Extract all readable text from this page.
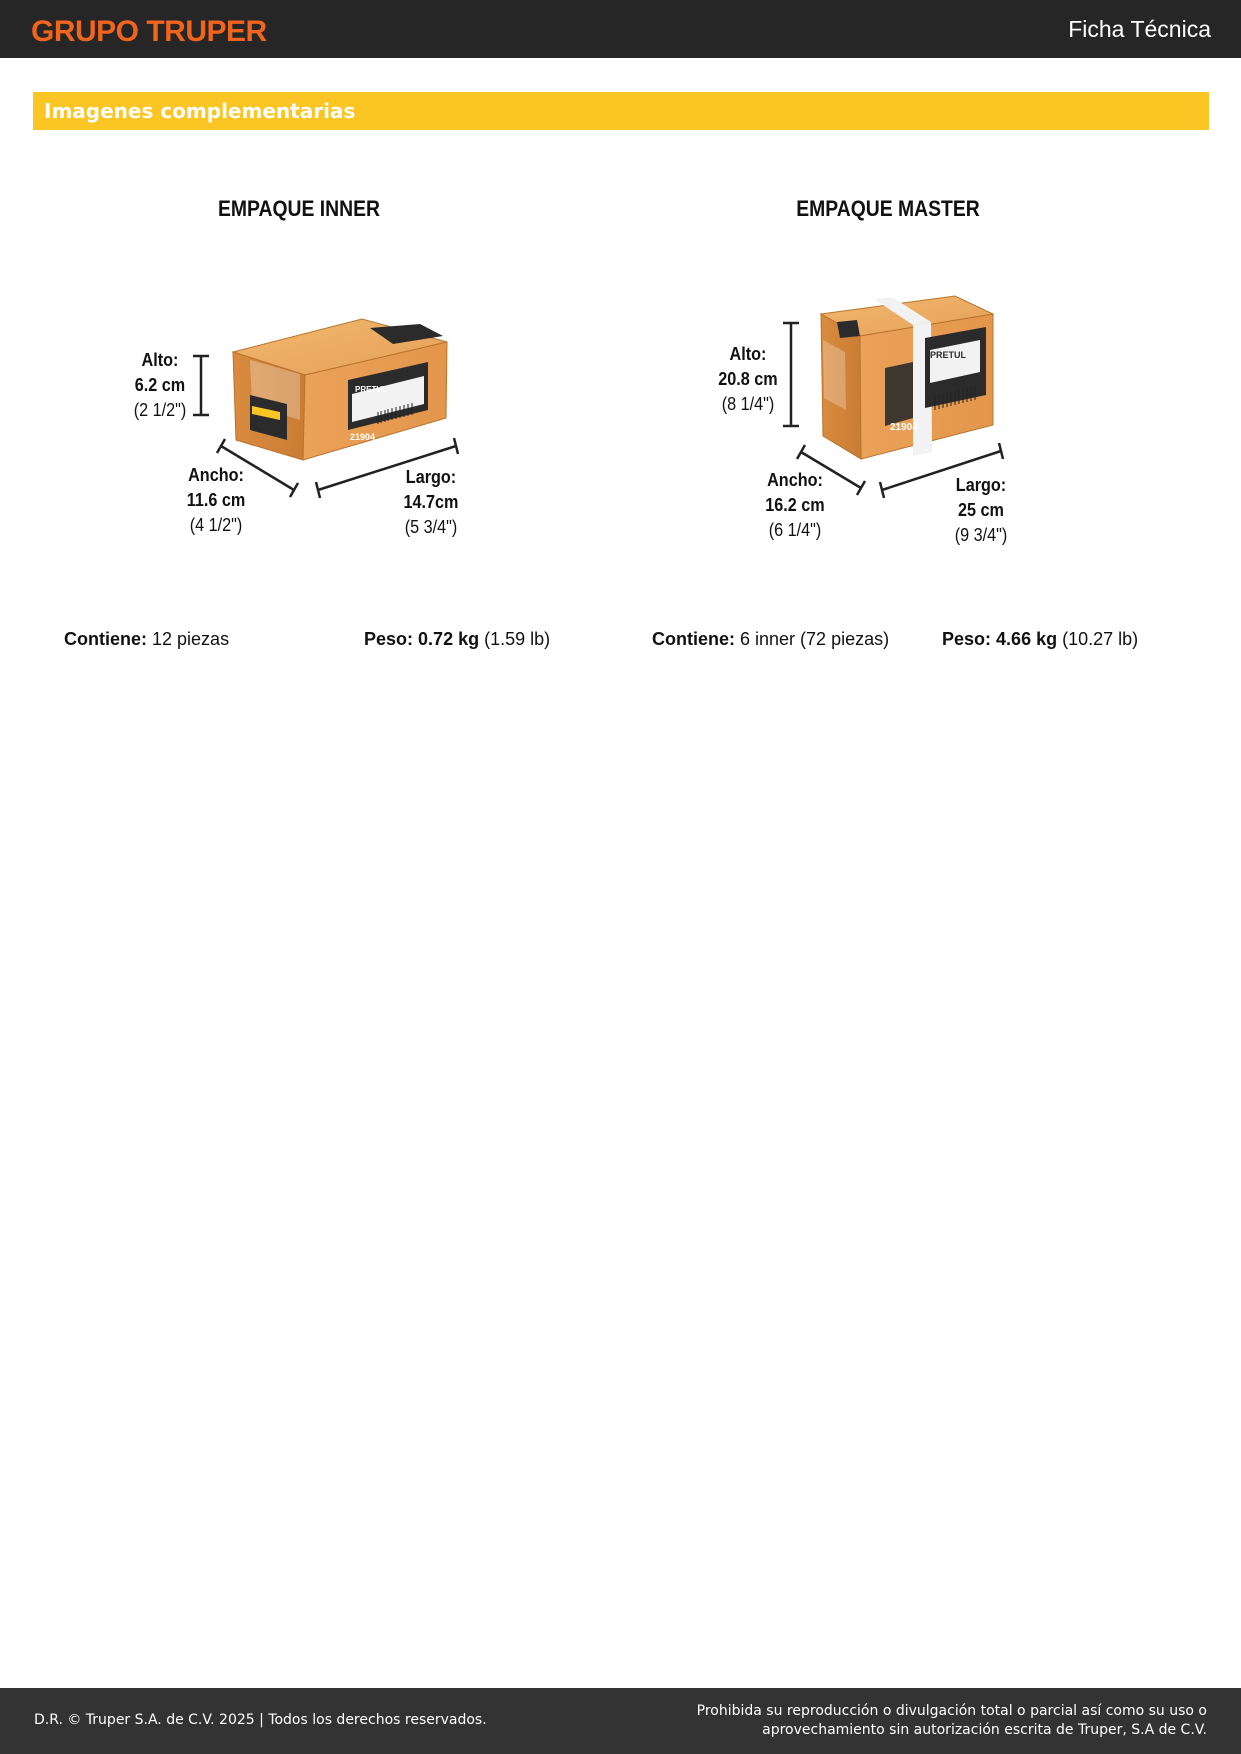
GRUPO TRUPER	Ficha Técnica
Imagenes complementarias
EMPAQUE INNER	EMPAQUE MASTER
PRETUL
21904
PRETUL
21904
Alto:
6.2 cm
(2 1/2")
Ancho:
11.6 cm
(4 1/2")
Largo:
14.7cm
(5 3/4")
Alto:
20.8 cm
(8 1/4")
Ancho:
16.2 cm
(6 1/4")
Largo:
25 cm
(9 3/4")
Contiene: 12 piezas	Peso: 0.72 kg (1.59 lb)	Contiene: 6 inner (72 piezas)	Peso: 4.66 kg (10.27 lb)
D.R. © Truper S.A. de C.V. 2025 | Todos los derechos reservados.
Prohibida su reproducción o divulgación total o parcial así como su uso o
aprovechamiento sin autorización escrita de Truper, S.A de C.V.
